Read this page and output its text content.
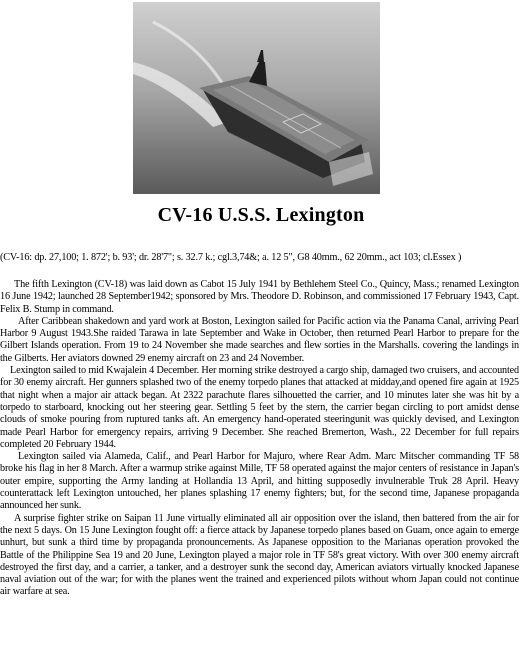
CV-16 U.S.S. Lexington
(CV-16: dp. 27,100; 1. 872'; b. 93'; dr. 28'7"; s. 32.7 k.; cgl.3,74&; a. 12 5", G8 40mm., 62 20mm., act 103; cl.Essex )

The fifth Lexington (CV-18) was laid down as Cabot 15 July 1941 by Bethlehem Steel Co., Quincy, Mass.; renamed Lexington 16 June 1942; launched 28 September1942; sponsored by Mrs. Theodore D. Robinson, and commissioned 17 February 1943, Capt. Felix B. Stump in command.

After Caribbean shakedown and yard work at Boston, Lexington sailed for Pacific action via the Panama Canal, arriving Pearl Harbor 9 August 1943.She raided Tarawa in late September and Wake in October, then returned Pearl Harbor to prepare for the Gilbert Islands operation. From 19 to 24 November she made searches and flew sorties in the Marshalls. covering the landings in the Gilberts. Her aviators downed 29 enemy aircraft on 23 and 24 November.

Lexington sailed to mid Kwajalein 4 December. Her morning strike destroyed a cargo ship, damaged two cruisers, and accounted for 30 enemy aircraft. Her gunners splashed two of the enemy torpedo planes that attacked at midday,and opened fire again at 1925 that night when a major air attack began. At 2322 parachute flares silhouetted the carrier, and 10 minutes later she was hit by a torpedo to starboard, knocking out her steering gear. Settling 5 feet by the stern, the carrier began circling to port amidst dense clouds of smoke pouring from ruptured tanks aft. An emergency hand-operated steeringunit was quickly devised, and Lexington made Pearl Harbor for emergency repairs, arriving 9 December. She reached Bremerton, Wash., 22 December for full repairs completed 20 February 1944.

Lexington sailed via Alameda, Calif., and Pearl Harbor for Majuro, where Rear Adm. Marc Mitscher commanding TF 58 broke his flag in her 8 March. After a warmup strike against Mille, TF 58 operated against the major centers of resistance in Japan's outer empire, supporting the Army landing at Hollandia 13 April, and hitting supposedly invulnerable Truk 28 April. Heavy counterattack left Lexington untouched, her planes splashing 17 enemy fighters; but, for the second time, Japanese propaganda announced her sunk.

A surprise fighter strike on Saipan 11 June virtually eliminated all air opposition over the island, then battered from the air for the next 5 days. On 15 June Lexington fought off: a fierce attack by Japanese torpedo planes based on Guam, once again to emerge unhurt, but sunk a third time by propaganda pronouncements. As Japanese opposition to the Marianas operation provoked the Battle of the Philippine Sea 19 and 20 June, Lexington played a major role in TF 58's great victory. With over 300 enemy aircraft destroyed the first day, and a carrier, a tanker, and a destroyer sunk the second day, American aviators virtually knocked Japanese naval aviation out of the war; for with the planes went the trained and experienced pilots without whom Japan could not continue air warfare at sea.
